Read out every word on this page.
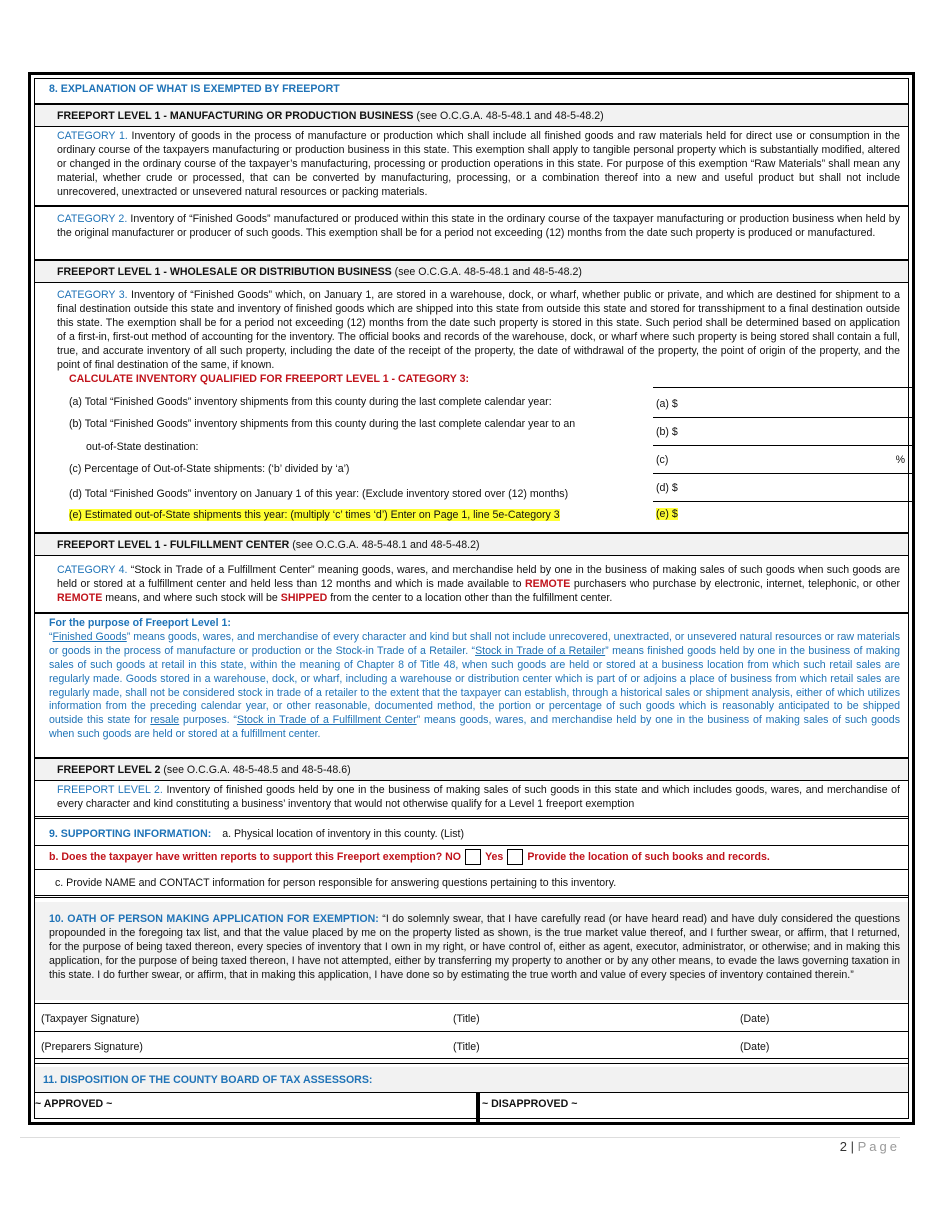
8. EXPLANATION OF WHAT IS EXEMPTED BY FREEPORT
FREEPORT LEVEL 1 - MANUFACTURING OR PRODUCTION BUSINESS (see O.C.G.A. 48-5-48.1 and 48-5-48.2)
CATEGORY 1. Inventory of goods in the process of manufacture or production which shall include all finished goods and raw materials held for direct use or consumption in the ordinary course of the taxpayers manufacturing or production business in this state. This exemption shall apply to tangible personal property which is substantially modified, altered or changed in the ordinary course of the taxpayer’s manufacturing, processing or production operations in this state. For purpose of this exemption “Raw Materials” shall mean any material, whether crude or processed, that can be converted by manufacturing, processing, or a combination thereof into a new and useful product but shall not include unrecovered, unextracted or unsevered natural resources or packing materials.
CATEGORY 2. Inventory of “Finished Goods” manufactured or produced within this state in the ordinary course of the taxpayer manufacturing or production business when held by the original manufacturer or producer of such goods. This exemption shall be for a period not exceeding (12) months from the date such property is produced or manufactured.
FREEPORT LEVEL 1 - WHOLESALE OR DISTRIBUTION BUSINESS (see O.C.G.A. 48-5-48.1 and 48-5-48.2)
CATEGORY 3. Inventory of “Finished Goods” which, on January 1, are stored in a warehouse, dock, or wharf, whether public or private, and which are destined for shipment to a final destination outside this state and inventory of finished goods which are shipped into this state from outside this state and stored for transshipment to a final destination outside this state. The exemption shall be for a period not exceeding (12) months from the date such property is stored in this state. Such period shall be determined based on application of a first-in, first-out method of accounting for the inventory. The official books and records of the warehouse, dock, or wharf where such property is being stored shall contain a full, true, and accurate inventory of all such property, including the date of the receipt of the property, the date of withdrawal of the property, the point of origin of the property, and the point of final destination of the same, if known.
CALCULATE INVENTORY QUALIFIED FOR FREEPORT LEVEL 1 - CATEGORY 3:
(a) Total “Finished Goods” inventory shipments from this county during the last complete calendar year:
(b) Total “Finished Goods” inventory shipments from this county during the last complete calendar year to an
out-of-State destination:
(c) Percentage of Out-of-State shipments: (‘b’ divided by ‘a’)
(d) Total “Finished Goods” inventory on January 1 of this year: (Exclude inventory stored over (12) months)
(e) Estimated out-of-State shipments this year: (multiply ‘c’ times ‘d’) Enter on Page 1, line 5e-Category 3
(a) $
(b) $
(c)	%
(d) $
(e) $
FREEPORT LEVEL 1 - FULFILLMENT CENTER (see O.C.G.A. 48-5-48.1 and 48-5-48.2)
CATEGORY 4. “Stock in Trade of a Fulfillment Center” meaning goods, wares, and merchandise held by one in the business of making sales of such goods when such goods are held or stored at a fulfillment center and held less than 12 months and which is made available to REMOTE purchasers who purchase by electronic, internet, telephonic, or other REMOTE means, and where such stock will be SHIPPED from the center to a location other than the fulfillment center.
For the purpose of Freeport Level 1:
“Finished Goods” means goods, wares, and merchandise of every character and kind but shall not include unrecovered, unextracted, or unsevered natural resources or raw materials or goods in the process of manufacture or production or the Stock-in Trade of a Retailer. “Stock in Trade of a Retailer” means finished goods held by one in the business of making sales of such goods at retail in this state, within the meaning of Chapter 8 of Title 48, when such goods are held or stored at a business location from which such retail sales are regularly made. Goods stored in a warehouse, dock, or wharf, including a warehouse or distribution center which is part of or adjoins a place of business from which retail sales are regularly made, shall not be considered stock in trade of a retailer to the extent that the taxpayer can establish, through a historical sales or shipment analysis, either of which utilizes information from the preceding calendar year, or other reasonable, documented method, the portion or percentage of such goods which is reasonably anticipated to be shipped outside this state for resale purposes. “Stock in Trade of a Fulfillment Center” means goods, wares, and merchandise held by one in the business of making sales of such goods when such goods are held or stored at a fulfillment center.
FREEPORT LEVEL 2 (see O.C.G.A. 48-5-48.5 and 48-5-48.6)
FREEPORT LEVEL 2. Inventory of finished goods held by one in the business of making sales of such goods in this state and which includes goods, wares, and merchandise of every character and kind constituting a business’ inventory that would not otherwise qualify for a Level 1 freeport exemption
9. SUPPORTING INFORMATION: a. Physical location of inventory in this county. (List)
b. Does the taxpayer have written reports to support this Freeport exemption? NO Yes Provide the location of such books and records.
c. Provide NAME and CONTACT information for person responsible for answering questions pertaining to this inventory.
10. OATH OF PERSON MAKING APPLICATION FOR EXEMPTION: “I do solemnly swear, that I have carefully read (or have heard read) and have duly considered the questions propounded in the foregoing tax list, and that the value placed by me on the property listed as shown, is the true market value thereof, and I further swear, or affirm, that I returned, for the purpose of being taxed thereon, every species of inventory that I own in my right, or have control of, either as agent, executor, administrator, or otherwise; and in making this application, for the purpose of being taxed thereon, I have not attempted, either by transferring my property to another or by any other means, to evade the laws governing taxation in this state. I do further swear, or affirm, that in making this application, I have done so by estimating the true worth and value of every species of inventory contained therein.”
(Taxpayer Signature)	(Title)	(Date)
(Preparers Signature)	(Title)	(Date)
11. DISPOSITION OF THE COUNTY BOARD OF TAX ASSESSORS:
~ APPROVED ~	~ DISAPPROVED ~
2 | Page
